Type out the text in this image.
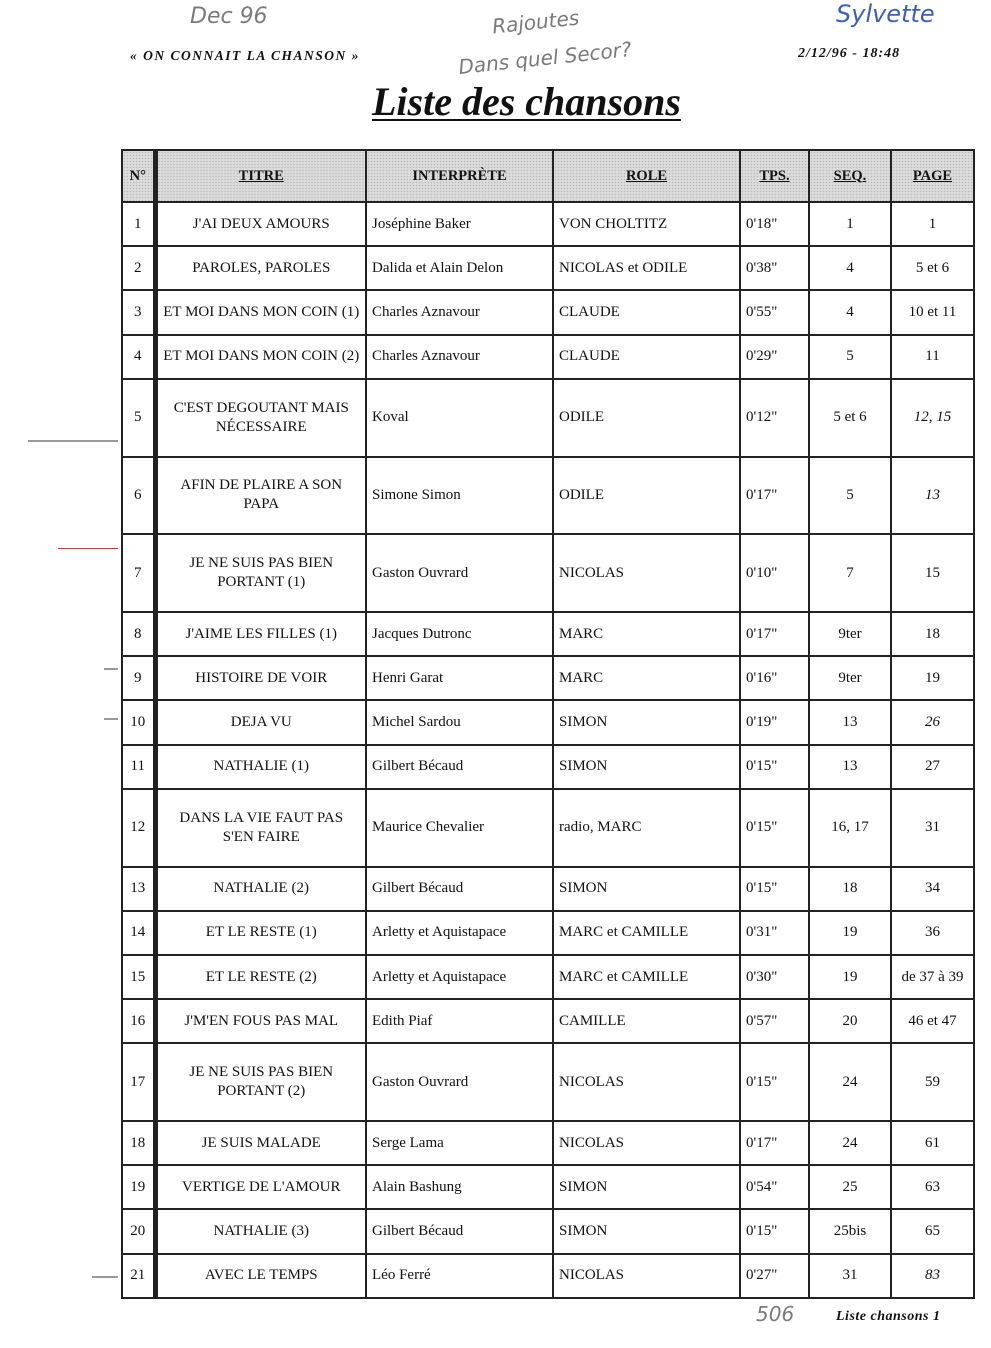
Dec 96	Rajoutes
Dans quel Secor?
Sylvette
506
« ON CONNAIT LA CHANSON »	2/12/96 - 18:48
Liste des chansons
N°	TITRE	INTERPRÈTE	ROLE	TPS.	SEQ.	PAGE
1	J'AI DEUX AMOURS	Joséphine Baker	VON CHOLTITZ	0'18"	1	1
2	PAROLES, PAROLES	Dalida et Alain Delon	NICOLAS et ODILE	0'38"	4	5 et 6
3	ET MOI DANS MON COIN (1)	Charles Aznavour	CLAUDE	0'55"	4	10 et 11
4	ET MOI DANS MON COIN (2)	Charles Aznavour	CLAUDE	0'29"	5	11
5	C'EST DEGOUTANT MAIS NÉCESSAIRE	Koval	ODILE	0'12"	5 et 6	12, 15
6	AFIN DE PLAIRE A SON PAPA	Simone Simon	ODILE	0'17"	5	13
7	JE NE SUIS PAS BIEN PORTANT (1)	Gaston Ouvrard	NICOLAS	0'10"	7	15
8	J'AIME LES FILLES (1)	Jacques Dutronc	MARC	0'17"	9ter	18
9	HISTOIRE DE VOIR	Henri Garat	MARC	0'16"	9ter	19
10	DEJA VU	Michel Sardou	SIMON	0'19"	13	26
11	NATHALIE (1)	Gilbert Bécaud	SIMON	0'15"	13	27
12	DANS LA VIE FAUT PAS S'EN FAIRE	Maurice Chevalier	radio, MARC	0'15"	16, 17	31
13	NATHALIE (2)	Gilbert Bécaud	SIMON	0'15"	18	34
14	ET LE RESTE (1)	Arletty et Aquistapace	MARC et CAMILLE	0'31"	19	36
15	ET LE RESTE (2)	Arletty et Aquistapace	MARC et CAMILLE	0'30"	19	de 37 à 39
16	J'M'EN FOUS PAS MAL	Edith Piaf	CAMILLE	0'57"	20	46 et 47
17	JE NE SUIS PAS BIEN PORTANT (2)	Gaston Ouvrard	NICOLAS	0'15"	24	59
18	JE SUIS MALADE	Serge Lama	NICOLAS	0'17"	24	61
19	VERTIGE DE L'AMOUR	Alain Bashung	SIMON	0'54"	25	63
20	NATHALIE (3)	Gilbert Bécaud	SIMON	0'15"	25bis	65
21	AVEC LE TEMPS	Léo Ferré	NICOLAS	0'27"	31	83
Liste chansons 1
